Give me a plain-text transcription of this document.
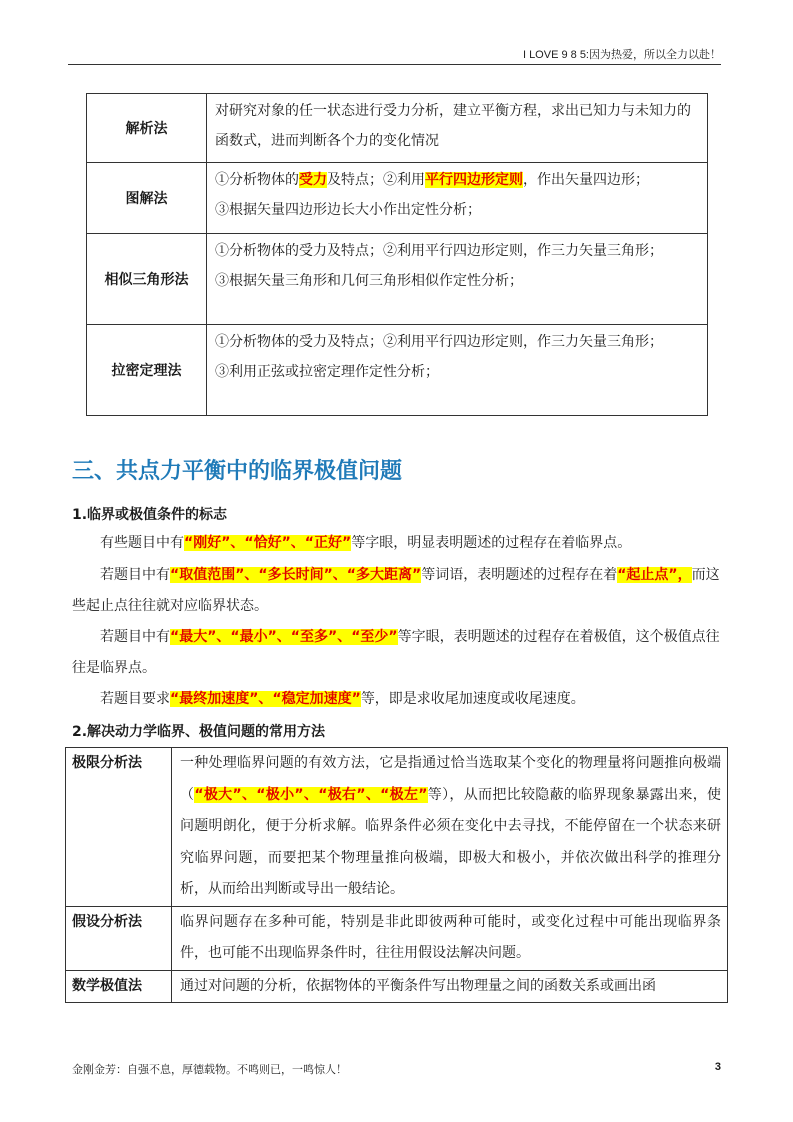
I LOVE 9 8 5:因为热爱，所以全力以赴！
解析法	对研究对象的任一状态进行受力分析，建立平衡方程，求出已知力与未知力的函数式，进而判断各个力的变化情况
图解法	①分析物体的受力及特点；②利用平行四边形定则，作出矢量四边形；
③根据矢量四边形边长大小作出定性分析；

相似三角形法	①分析物体的受力及特点；②利用平行四边形定则，作三力矢量三角形；
③根据矢量三角形和几何三角形相似作定性分析；

拉密定理法	①分析物体的受力及特点；②利用平行四边形定则，作三力矢量三角形；
③利用正弦或拉密定理作定性分析；
三、共点力平衡中的临界极值问题
1.临界或极值条件的标志
有些题目中有“刚好”、“恰好”、“正好”等字眼，明显表明题述的过程存在着临界点。
若题目中有“取值范围”、“多长时间”、“多大距离”等词语，表明题述的过程存在着“起止点”，而这些起止点往往就对应临界状态。
若题目中有“最大”、“最小”、“至多”、“至少”等字眼，表明题述的过程存在着极值，这个极值点往往是临界点。
若题目要求“最终加速度”、“稳定加速度”等，即是求收尾加速度或收尾速度。
2.解决动力学临界、极值问题的常用方法
极限分析法	一种处理临界问题的有效方法，它是指通过恰当选取某个变化的物理量将问题推向极端（“极大”、“极小”、“极右”、“极左”等），从而把比较隐蔽的临界现象暴露出来，使问题明朗化，便于分析求解。临界条件必须在变化中去寻找，不能停留在一个状态来研究临界问题，而要把某个物理量推向极端，即极大和极小，并依次做出科学的推理分析，从而给出判断或导出一般结论。
假设分析法	临界问题存在多种可能，特别是非此即彼两种可能时，或变化过程中可能出现临界条件，也可能不出现临界条件时，往往用假设法解决问题。
数学极值法	通过对问题的分析，依据物体的平衡条件写出物理量之间的函数关系或画出函
金刚金芳：自强不息，厚德载物。不鸣则已，一鸣惊人！	3
